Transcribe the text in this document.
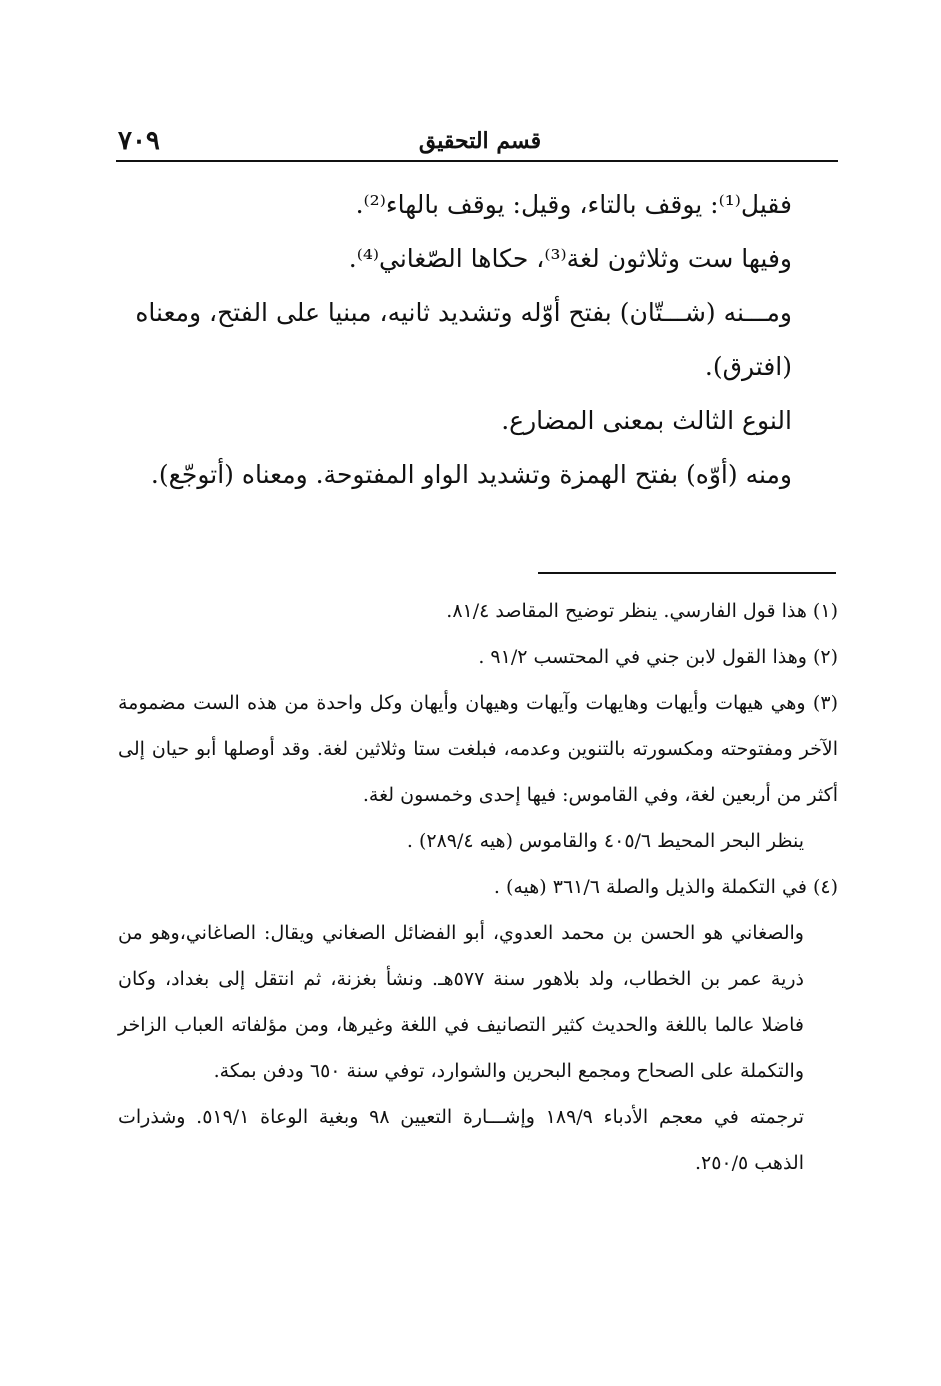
قسم التحقيق
٧٠٩

فقيل⁽¹⁾: يوقف بالتاء، وقيل: يوقف بالهاء⁽²⁾.

وفيها ست وثلاثون لغة⁽³⁾، حكاها الصّغاني⁽⁴⁾.

ومـــنه (شـــتّان) بفتح أوّله وتشديد ثانيه، مبنيا على الفتح، ومعناه (افترق).

النوع الثالث بمعنى المضارع.

ومنه (أوّه) بفتح الهمزة وتشديد الواو المفتوحة. ومعناه (أتوجّع).

(١) هذا قول الفارسي. ينظر توضيح المقاصد ٨١/٤.

(٢) وهذا القول لابن جني في المحتسب ٩١/٢ .

(٣) وهي هيهات وأيهات وهايهات وآيهات وهيهان وأيهان وكل واحدة من هذه الست مضمومة الآخر ومفتوحته ومكسورته بالتنوين وعدمه، فبلغت ستا وثلاثين لغة. وقد أوصلها أبو حيان إلى أكثر من أربعين لغة، وفي القاموس: فيها إحدى وخمسون لغة.

ينظر البحر المحيط ٤٠٥/٦ والقاموس (هيه ٢٨٩/٤) .

(٤) في التكملة والذيل والصلة ٣٦١/٦ (هيه) .

والصغاني هو الحسن بن محمد العدوي، أبو الفضائل الصغاني ويقال: الصاغاني،وهو من ذرية عمر بن الخطاب، ولد بلاهور سنة ٥٧٧هـ. ونشأ بغزنة، ثم انتقل إلى بغداد، وكان فاضلا عالما باللغة والحديث كثير التصانيف في اللغة وغيرها، ومن مؤلفاته العباب الزاخر والتكملة على الصحاح ومجمع البحرين والشوارد، توفي سنة ٦٥٠ ودفن بمكة.

ترجمته في معجم الأدباء ١٨٩/٩ وإشـــارة التعيين ٩٨ وبغية الوعاة ٥١٩/١. وشذرات الذهب ٢٥٠/٥.
